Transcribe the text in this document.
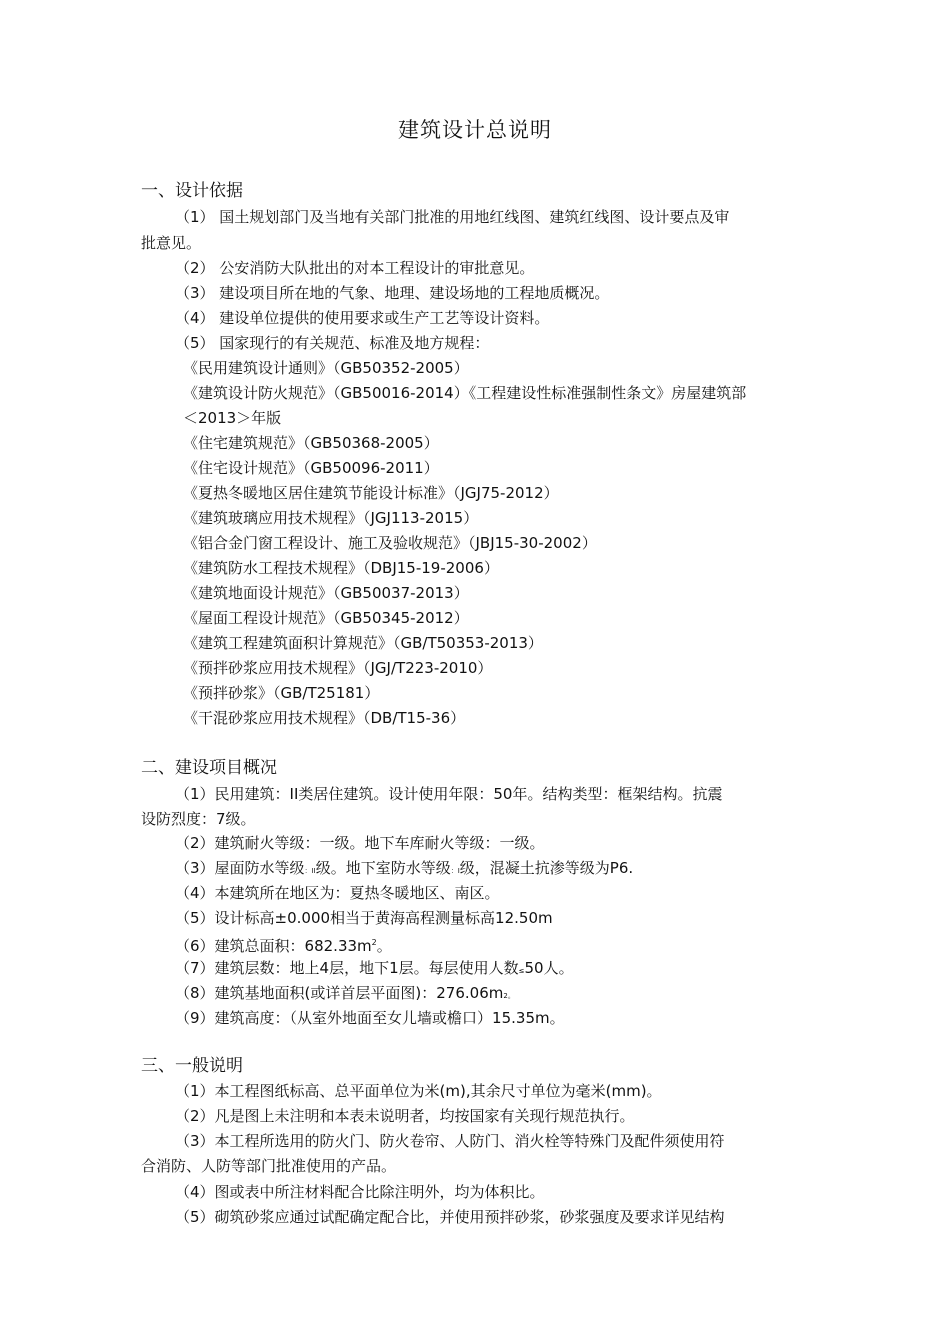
建筑设计总说明
一、设计依据
（1） 国土规划部门及当地有关部门批准的用地红线图、建筑红线图、设计要点及审
批意见。
（2） 公安消防大队批出的对本工程设计的审批意见。
（3） 建设项目所在地的气象、地理、建设场地的工程地质概况。
（4） 建设单位提供的使用要求或生产工艺等设计资料。
（5） 国家现行的有关规范、标准及地方规程：
《民用建筑设计通则》（GB50352-2005）
《建筑设计防火规范》（GB50016-2014）《工程建设性标准强制性条文》房屋建筑部
＜2013＞年版
《住宅建筑规范》（GB50368-2005）
《住宅设计规范》（GB50096-2011）
《夏热冬暖地区居住建筑节能设计标准》（JGJ75-2012）
《建筑玻璃应用技术规程》（JGJ113-2015）
《铝合金门窗工程设计、施工及验收规范》（JBJ15-30-2002）
《建筑防水工程技术规程》（DBJ15-19-2006）
《建筑地面设计规范》（GB50037-2013）
《屋面工程设计规范》（GB50345-2012）
《建筑工程建筑面积计算规范》（GB/T50353-2013）
《预拌砂浆应用技术规程》（JGJ/T223-2010）
《预拌砂浆》（GB/T25181）
《干混砂浆应用技术规程》（DB/T15-36）
二、建设项目概况
（1）民用建筑：II类居住建筑。设计使用年限：50年。结构类型：框架结构。抗震
设防烈度：7级。
（2）建筑耐火等级：一级。地下车库耐火等级：一级。
（3）屋面防水等级：II级。地下室防水等级：I级，混凝土抗渗等级为P6.
（4）本建筑所在地区为：夏热冬暖地区、南区。
（5）设计标高±0.000相当于黄海高程测量标高12.50m
（6）建筑总面积：$682.33m^2$。
（7）建筑层数：地上4层，地下1层。每层使用人数≤50人。
（8）建筑基地面积(或详首层平面图)：276.06m2。
（9）建筑高度：（从室外地面至女儿墙或檐口）15.35m。
三、一般说明
（1）本工程图纸标高、总平面单位为米(m),其余尺寸单位为毫米(mm)。
（2）凡是图上未注明和本表未说明者，均按国家有关现行规范执行。
（3）本工程所选用的防火门、防火卷帘、人防门、消火栓等特殊门及配件须使用符
合消防、人防等部门批准使用的产品。
（4）图或表中所注材料配合比除注明外，均为体积比。
（5）砌筑砂浆应通过试配确定配合比，并使用预拌砂浆，砂浆强度及要求详见结构
